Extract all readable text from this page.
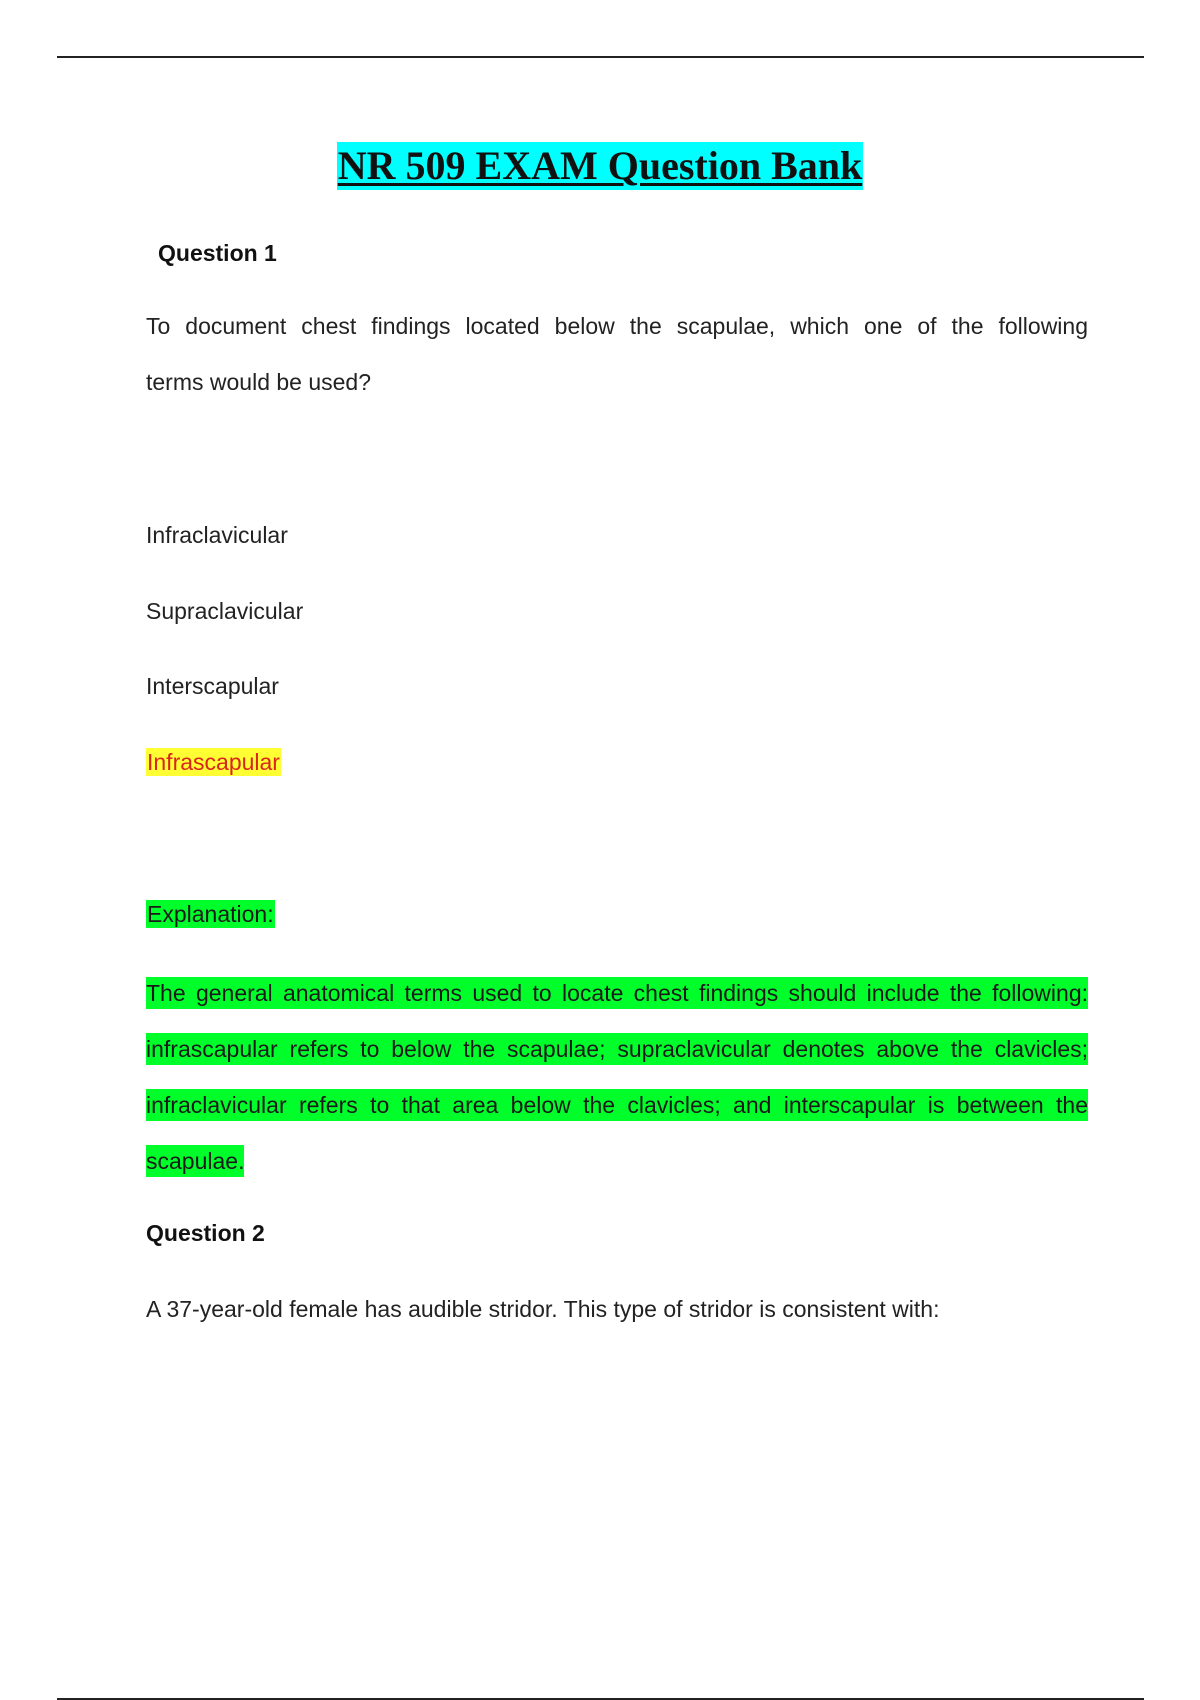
NR 509 EXAM Question Bank
Question 1
To document chest findings located below the scapulae, which one of the following
terms would be used?
Infraclavicular
Supraclavicular
Interscapular
Infrascapular
Explanation:
The general anatomical terms used to locate chest findings should include the following:
infrascapular refers to below the scapulae; supraclavicular denotes above the clavicles;
infraclavicular refers to that area below the clavicles; and interscapular is between the
scapulae.
Question 2
A 37-year-old female has audible stridor. This type of stridor is consistent with:
